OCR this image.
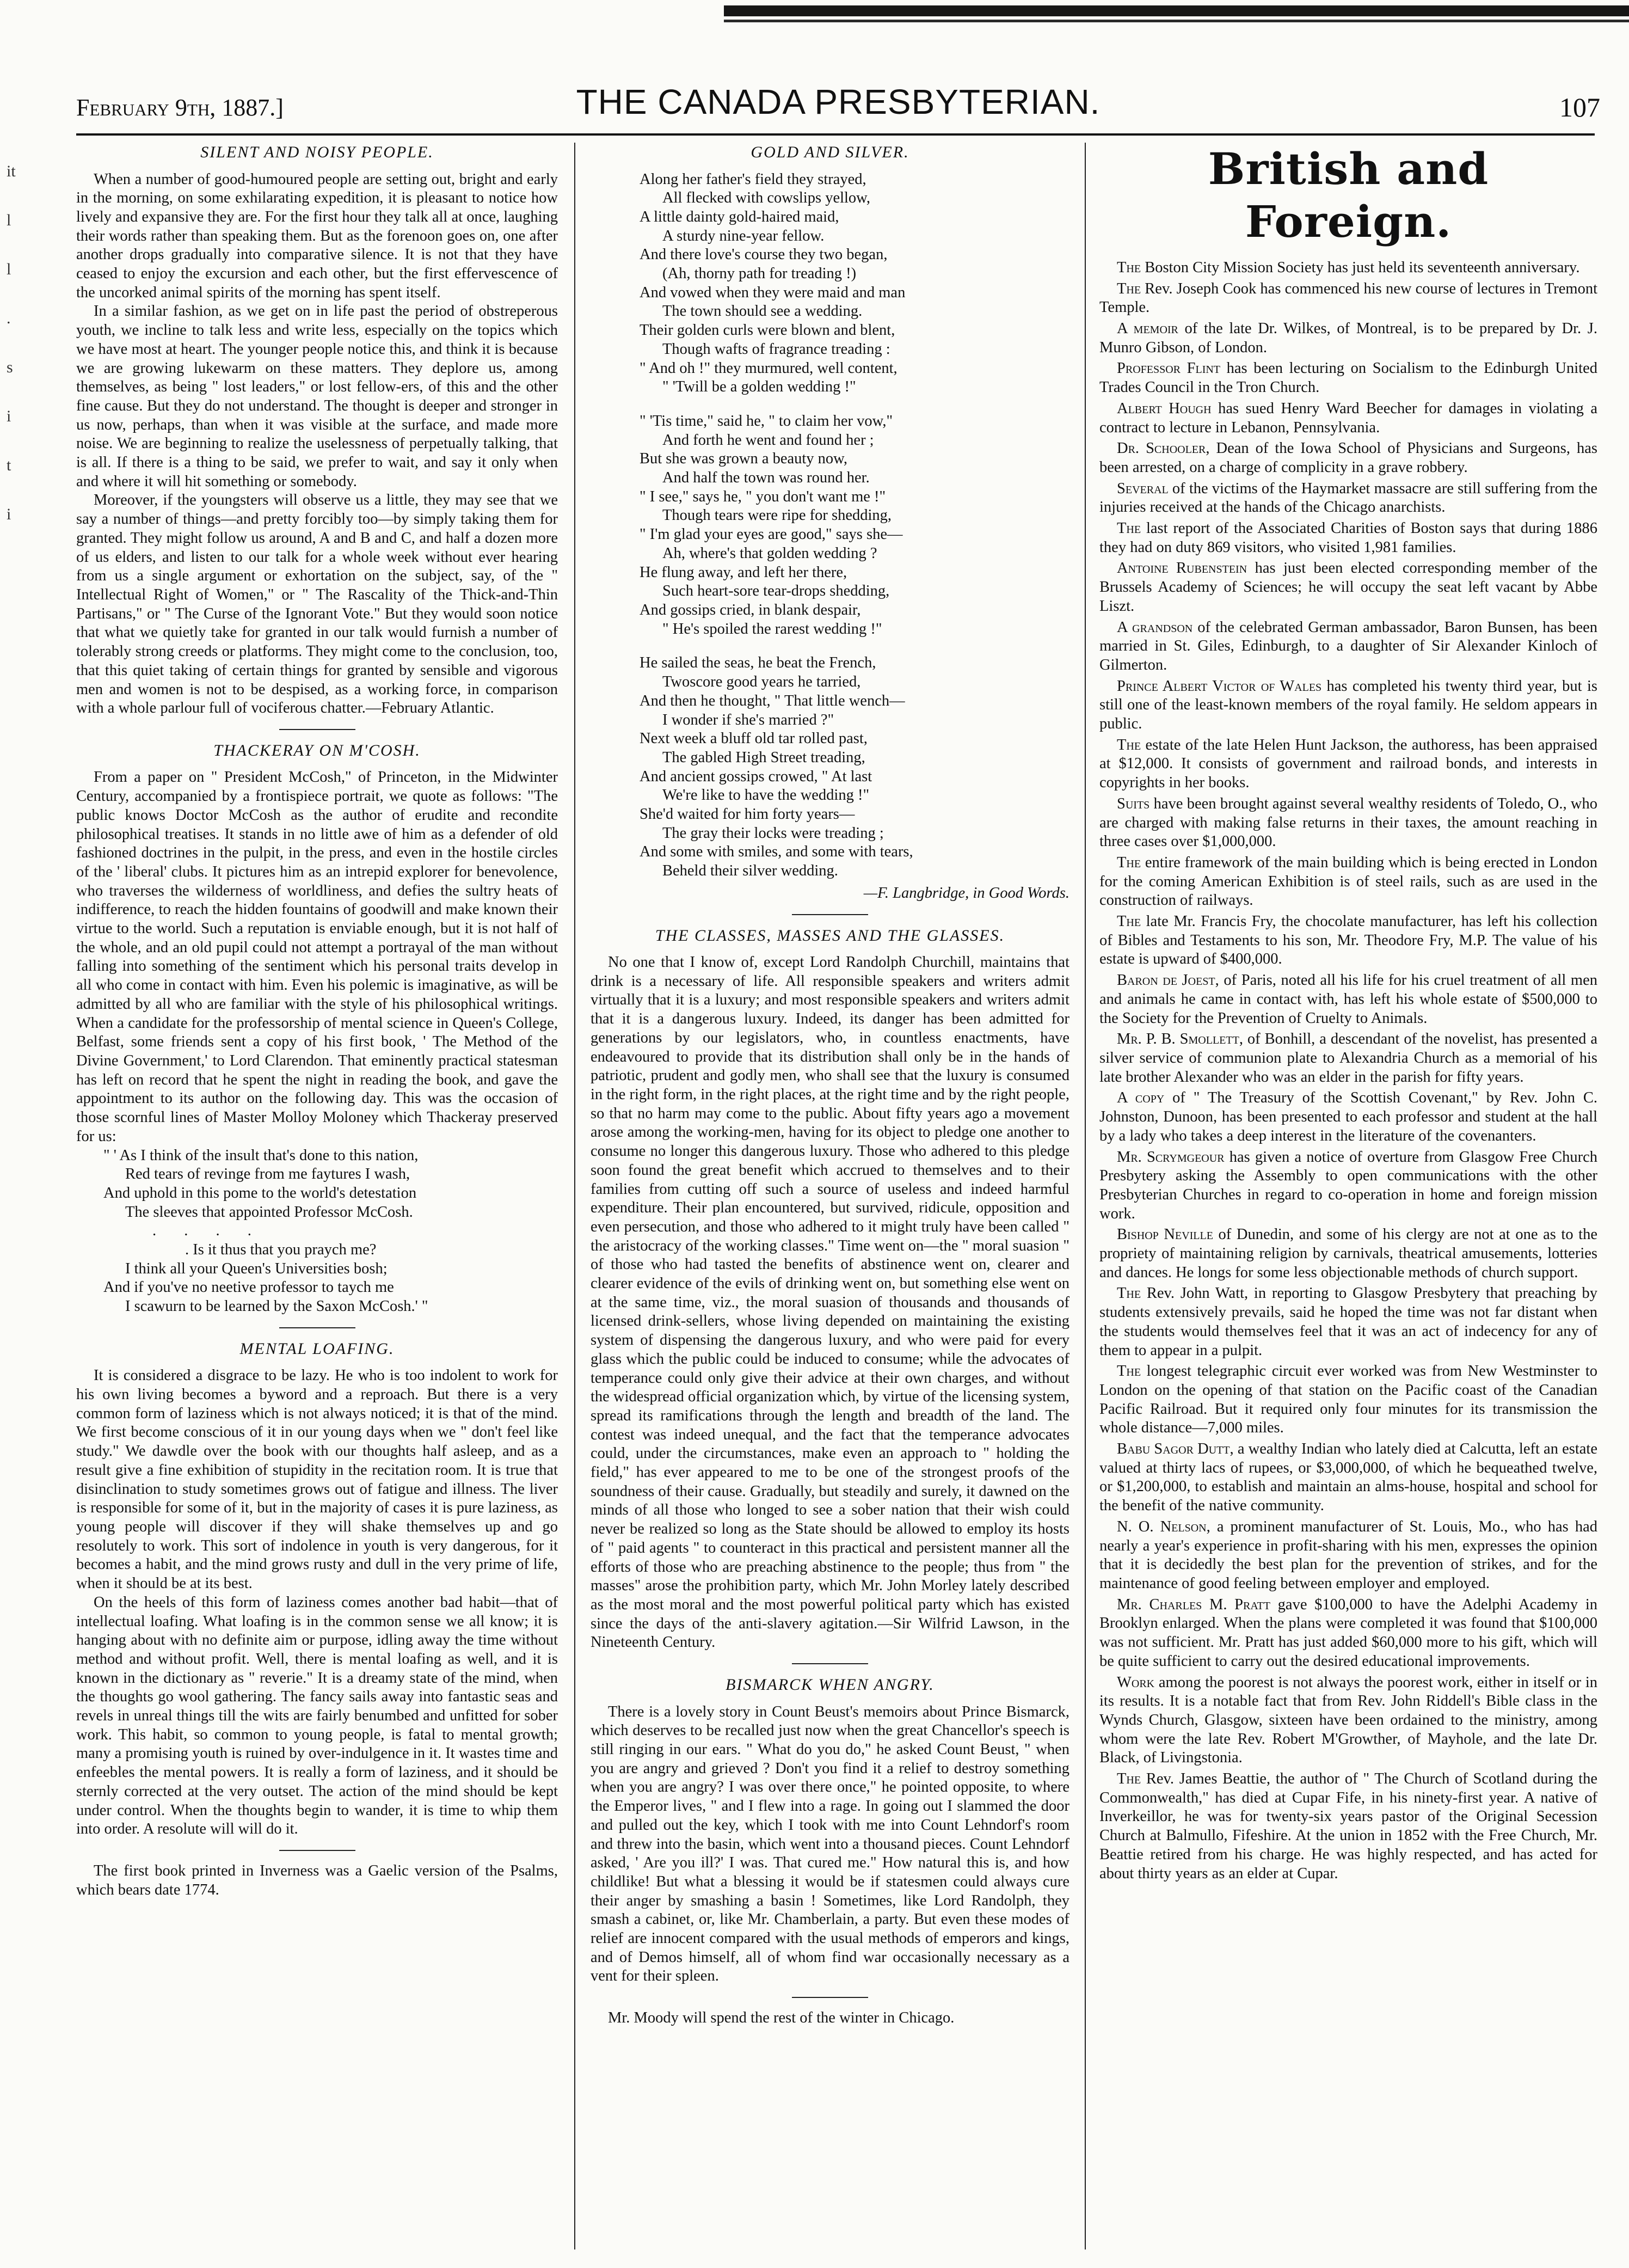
February 9th, 1887.]	THE CANADA PRESBYTERIAN.	107
it
l
l
.
s
i
t
i
SILENT AND NOISY PEOPLE.

When a number of good-humoured people are setting out, bright and early in the morning, on some exhilarating expedition, it is pleasant to notice how lively and expansive they are. For the first hour they talk all at once, laughing their words rather than speaking them. But as the forenoon goes on, one after another drops gradually into comparative silence. It is not that they have ceased to enjoy the excursion and each other, but the first effervescence of the uncorked animal spirits of the morning has spent itself.

In a similar fashion, as we get on in life past the period of obstreperous youth, we incline to talk less and write less, especially on the topics which we have most at heart. The younger people notice this, and think it is because we are growing lukewarm on these matters. They deplore us, among themselves, as being " lost leaders," or lost fellow-ers, of this and the other fine cause. But they do not understand. The thought is deeper and stronger in us now, perhaps, than when it was visible at the surface, and made more noise. We are beginning to realize the uselessness of perpetually talking, that is all. If there is a thing to be said, we prefer to wait, and say it only when and where it will hit something or somebody.

Moreover, if the youngsters will observe us a little, they may see that we say a number of things—and pretty forcibly too—by simply taking them for granted. They might follow us around, A and B and C, and half a dozen more of us elders, and listen to our talk for a whole week without ever hearing from us a single argument or exhortation on the subject, say, of the " Intellectual Right of Women," or " The Rascality of the Thick-and-Thin Partisans," or " The Curse of the Ignorant Vote." But they would soon notice that what we quietly take for granted in our talk would furnish a number of tolerably strong creeds or platforms. They might come to the conclusion, too, that this quiet taking of certain things for granted by sensible and vigorous men and women is not to be despised, as a working force, in comparison with a whole parlour full of vociferous chatter.—February Atlantic.

THACKERAY ON M'COSH.

From a paper on " President McCosh," of Princeton, in the Midwinter Century, accompanied by a frontispiece portrait, we quote as follows: "The public knows Doctor McCosh as the author of erudite and recondite philosophical treatises. It stands in no little awe of him as a defender of old fashioned doctrines in the pulpit, in the press, and even in the hostile circles of the ' liberal' clubs. It pictures him as an intrepid explorer for benevolence, who traverses the wilderness of worldliness, and defies the sultry heats of indifference, to reach the hidden fountains of goodwill and make known their virtue to the world. Such a reputation is enviable enough, but it is not half of the whole, and an old pupil could not attempt a portrayal of the man without falling into something of the sentiment which his personal traits develop in all who come in contact with him. Even his polemic is imaginative, as will be admitted by all who are familiar with the style of his philosophical writings. When a candidate for the professorship of mental science in Queen's College, Belfast, some friends sent a copy of his first book, ' The Method of the Divine Government,' to Lord Clarendon. That eminently practical statesman has left on record that he spent the night in reading the book, and gave the appointment to its author on the following day. This was the occasion of those scornful lines of Master Molloy Moloney which Thackeray preserved for us:

" ' As I think of the insult that's done to this nation,
Red tears of revinge from me faytures I wash,
And uphold in this pome to the world's detestation
The sleeves that appointed Professor McCosh.
. . . .
. Is it thus that you praych me?
I think all your Queen's Universities bosh;
And if you've no neetive professor to taych me
I scawurn to be learned by the Saxon McCosh.' "
MENTAL LOAFING.

It is considered a disgrace to be lazy. He who is too indolent to work for his own living becomes a byword and a reproach. But there is a very common form of laziness which is not always noticed; it is that of the mind. We first become conscious of it in our young days when we " don't feel like study." We dawdle over the book with our thoughts half asleep, and as a result give a fine exhibition of stupidity in the recitation room. It is true that disinclination to study sometimes grows out of fatigue and illness. The liver is responsible for some of it, but in the majority of cases it is pure laziness, as young people will discover if they will shake themselves up and go resolutely to work. This sort of indolence in youth is very dangerous, for it becomes a habit, and the mind grows rusty and dull in the very prime of life, when it should be at its best.

On the heels of this form of laziness comes another bad habit—that of intellectual loafing. What loafing is in the common sense we all know; it is hanging about with no definite aim or purpose, idling away the time without method and without profit. Well, there is mental loafing as well, and it is known in the dictionary as " reverie." It is a dreamy state of the mind, when the thoughts go wool gathering. The fancy sails away into fantastic seas and revels in unreal things till the wits are fairly benumbed and unfitted for sober work. This habit, so common to young people, is fatal to mental growth; many a promising youth is ruined by over-indulgence in it. It wastes time and enfeebles the mental powers. It is really a form of laziness, and it should be sternly corrected at the very outset. The action of the mind should be kept under control. When the thoughts begin to wander, it is time to whip them into order. A resolute will will do it.

The first book printed in Inverness was a Gaelic version of the Psalms, which bears date 1774.

GOLD AND SILVER.
Along her father's field they strayed,
All flecked with cowslips yellow,
A little dainty gold-haired maid,
A sturdy nine-year fellow.
And there love's course they two began,
(Ah, thorny path for treading !)
And vowed when they were maid and man
The town should see a wedding.
Their golden curls were blown and blent,
Though wafts of fragrance treading :
" And oh !" they murmured, well content,
" 'Twill be a golden wedding !"
" 'Tis time," said he, " to claim her vow,"
And forth he went and found her ;
But she was grown a beauty now,
And half the town was round her.
" I see," says he, " you don't want me !"
Though tears were ripe for shedding,
" I'm glad your eyes are good," says she—
Ah, where's that golden wedding ?
He flung away, and left her there,
Such heart-sore tear-drops shedding,
And gossips cried, in blank despair,
" He's spoiled the rarest wedding !"
He sailed the seas, he beat the French,
Twoscore good years he tarried,
And then he thought, " That little wench—
I wonder if she's married ?"
Next week a bluff old tar rolled past,
The gabled High Street treading,
And ancient gossips crowed, " At last
We're like to have the wedding !"
She'd waited for him forty years—
The gray their locks were treading ;
And some with smiles, and some with tears,
Beheld their silver wedding.
—F. Langbridge, in Good Words.
THE CLASSES, MASSES AND THE GLASSES.

No one that I know of, except Lord Randolph Churchill, maintains that drink is a necessary of life. All responsible speakers and writers admit virtually that it is a luxury; and most responsible speakers and writers admit that it is a dangerous luxury. Indeed, its danger has been admitted for generations by our legislators, who, in countless enactments, have endeavoured to provide that its distribution shall only be in the hands of patriotic, prudent and godly men, who shall see that the luxury is consumed in the right form, in the right places, at the right time and by the right people, so that no harm may come to the public. About fifty years ago a movement arose among the working-men, having for its object to pledge one another to consume no longer this dangerous luxury. Those who adhered to this pledge soon found the great benefit which accrued to themselves and to their families from cutting off such a source of useless and indeed harmful expenditure. Their plan encountered, but survived, ridicule, opposition and even persecution, and those who adhered to it might truly have been called " the aristocracy of the working classes." Time went on—the " moral suasion " of those who had tasted the benefits of abstinence went on, clearer and clearer evidence of the evils of drinking went on, but something else went on at the same time, viz., the moral suasion of thousands and thousands of licensed drink-sellers, whose living depended on maintaining the existing system of dispensing the dangerous luxury, and who were paid for every glass which the public could be induced to consume; while the advocates of temperance could only give their advice at their own charges, and without the widespread official organization which, by virtue of the licensing system, spread its ramifications through the length and breadth of the land. The contest was indeed unequal, and the fact that the temperance advocates could, under the circumstances, make even an approach to " holding the field," has ever appeared to me to be one of the strongest proofs of the soundness of their cause. Gradually, but steadily and surely, it dawned on the minds of all those who longed to see a sober nation that their wish could never be realized so long as the State should be allowed to employ its hosts of " paid agents " to counteract in this practical and persistent manner all the efforts of those who are preaching abstinence to the people; thus from " the masses" arose the prohibition party, which Mr. John Morley lately described as the most moral and the most powerful political party which has existed since the days of the anti-slavery agitation.—Sir Wilfrid Lawson, in the Nineteenth Century.

BISMARCK WHEN ANGRY.

There is a lovely story in Count Beust's memoirs about Prince Bismarck, which deserves to be recalled just now when the great Chancellor's speech is still ringing in our ears. " What do you do," he asked Count Beust, " when you are angry and grieved ? Don't you find it a relief to destroy something when you are angry? I was over there once," he pointed opposite, to where the Emperor lives, " and I flew into a rage. In going out I slammed the door and pulled out the key, which I took with me into Count Lehndorf's room and threw into the basin, which went into a thousand pieces. Count Lehndorf asked, ' Are you ill?' I was. That cured me." How natural this is, and how childlike! But what a blessing it would be if statesmen could always cure their anger by smashing a basin ! Sometimes, like Lord Randolph, they smash a cabinet, or, like Mr. Chamberlain, a party. But even these modes of relief are innocent compared with the usual methods of emperors and kings, and of Demos himself, all of whom find war occasionally necessary as a vent for their spleen.

Mr. Moody will spend the rest of the winter in Chicago.

British and Foreign.

The Boston City Mission Society has just held its seventeenth anniversary.

The Rev. Joseph Cook has commenced his new course of lectures in Tremont Temple.

A memoir of the late Dr. Wilkes, of Montreal, is to be prepared by Dr. J. Munro Gibson, of London.

Professor Flint has been lecturing on Socialism to the Edinburgh United Trades Council in the Tron Church.

Albert Hough has sued Henry Ward Beecher for damages in violating a contract to lecture in Lebanon, Pennsylvania.

Dr. Schooler, Dean of the Iowa School of Physicians and Surgeons, has been arrested, on a charge of complicity in a grave robbery.

Several of the victims of the Haymarket massacre are still suffering from the injuries received at the hands of the Chicago anarchists.

The last report of the Associated Charities of Boston says that during 1886 they had on duty 869 visitors, who visited 1,981 families.

Antoine Rubenstein has just been elected corresponding member of the Brussels Academy of Sciences; he will occupy the seat left vacant by Abbe Liszt.

A grandson of the celebrated German ambassador, Baron Bunsen, has been married in St. Giles, Edinburgh, to a daughter of Sir Alexander Kinloch of Gilmerton.

Prince Albert Victor of Wales has completed his twenty third year, but is still one of the least-known members of the royal family. He seldom appears in public.

The estate of the late Helen Hunt Jackson, the authoress, has been appraised at $12,000. It consists of government and railroad bonds, and interests in copyrights in her books.

Suits have been brought against several wealthy residents of Toledo, O., who are charged with making false returns in their taxes, the amount reaching in three cases over $1,000,000.

The entire framework of the main building which is being erected in London for the coming American Exhibition is of steel rails, such as are used in the construction of railways.

The late Mr. Francis Fry, the chocolate manufacturer, has left his collection of Bibles and Testaments to his son, Mr. Theodore Fry, M.P. The value of his estate is upward of $400,000.

Baron de Joest, of Paris, noted all his life for his cruel treatment of all men and animals he came in contact with, has left his whole estate of $500,000 to the Society for the Prevention of Cruelty to Animals.

Mr. P. B. Smollett, of Bonhill, a descendant of the novelist, has presented a silver service of communion plate to Alexandria Church as a memorial of his late brother Alexander who was an elder in the parish for fifty years.

A copy of " The Treasury of the Scottish Covenant," by Rev. John C. Johnston, Dunoon, has been presented to each professor and student at the hall by a lady who takes a deep interest in the literature of the covenanters.

Mr. Scrymgeour has given a notice of overture from Glasgow Free Church Presbytery asking the Assembly to open communications with the other Presbyterian Churches in regard to co-operation in home and foreign mission work.

Bishop Neville of Dunedin, and some of his clergy are not at one as to the propriety of maintaining religion by carnivals, theatrical amusements, lotteries and dances. He longs for some less objectionable methods of church support.

The Rev. John Watt, in reporting to Glasgow Presbytery that preaching by students extensively prevails, said he hoped the time was not far distant when the students would themselves feel that it was an act of indecency for any of them to appear in a pulpit.

The longest telegraphic circuit ever worked was from New Westminster to London on the opening of that station on the Pacific coast of the Canadian Pacific Railroad. But it required only four minutes for its transmission the whole distance—7,000 miles.

Babu Sagor Dutt, a wealthy Indian who lately died at Calcutta, left an estate valued at thirty lacs of rupees, or $3,000,000, of which he bequeathed twelve, or $1,200,000, to establish and maintain an alms-house, hospital and school for the benefit of the native community.

N. O. Nelson, a prominent manufacturer of St. Louis, Mo., who has had nearly a year's experience in profit-sharing with his men, expresses the opinion that it is decidedly the best plan for the prevention of strikes, and for the maintenance of good feeling between employer and employed.

Mr. Charles M. Pratt gave $100,000 to have the Adelphi Academy in Brooklyn enlarged. When the plans were completed it was found that $100,000 was not sufficient. Mr. Pratt has just added $60,000 more to his gift, which will be quite sufficient to carry out the desired educational improvements.

Work among the poorest is not always the poorest work, either in itself or in its results. It is a notable fact that from Rev. John Riddell's Bible class in the Wynds Church, Glasgow, sixteen have been ordained to the ministry, among whom were the late Rev. Robert M'Growther, of Mayhole, and the late Dr. Black, of Livingstonia.

The Rev. James Beattie, the author of " The Church of Scotland during the Commonwealth," has died at Cupar Fife, in his ninety-first year. A native of Inverkeillor, he was for twenty-six years pastor of the Original Secession Church at Balmullo, Fifeshire. At the union in 1852 with the Free Church, Mr. Beattie retired from his charge. He was highly respected, and has acted for about thirty years as an elder at Cupar.
